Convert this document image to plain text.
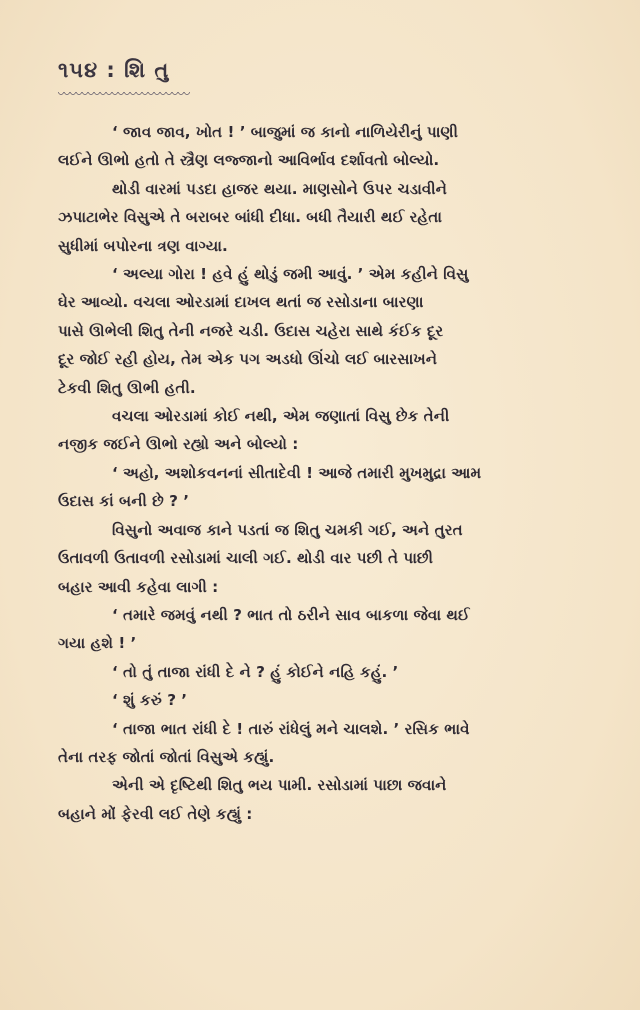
૧૫૪ : શિ તુ
‘ જાવ જાવ, ખોત ! ’ બાજુમાં જ કાનો નાળિયેરીનું પાણી
લઈને ઊભો હતો તે સ્ત્રૈણ લજ્જાનો આવિર્ભાવ દર્શાવતો બોલ્યો.
થોડી વારમાં પડદા હાજર થયા. માણસોને ઉપર ચડાવીને
ઝપાટાભેર વિસુએ તે બરાબર બાંધી દીધા. બધી તૈયારી થઈ રહેતા
સુધીમાં બપોરના ત્રણ વાગ્યા.
‘ અલ્યા ગોરા ! હવે હું થોડું જમી આવું. ’ એમ કહીને વિસુ
ઘેર આવ્યો. વચલા ઓરડામાં દાખલ થતાં જ રસોડાના બારણા
પાસે ઊભેલી શિતુ તેની નજરે ચડી. ઉદાસ ચહેરા સાથે કંઈક દૂર
દૂર જોઈ રહી હોય, તેમ એક પગ અડધો ઊંચો લઈ બારસાખને
ટેકવી શિતુ ઊભી હતી.
વચલા ઓરડામાં કોઈ નથી, એમ જણાતાં વિસુ છેક તેની
નજીક જઈને ઊભો રહ્યો અને બોલ્યો :
‘ અહો, અશોકવનનાં સીતાદેવી ! આજે તમારી મુખમુદ્રા આમ
ઉદાસ કાં બની છે ? ’
વિસુનો અવાજ કાને પડતાં જ શિતુ ચમકી ગઈ, અને તુરત
ઉતાવળી ઉતાવળી રસોડામાં ચાલી ગઈ. થોડી વાર પછી તે પાછી
બહાર આવી કહેવા લાગી :
‘ તમારે જમવું નથી ? ભાત તો ઠરીને સાવ બાકળા જેવા થઈ
ગયા હશે ! ’
‘ તો તું તાજા રાંધી દે ને ? હું કોઈને નહિ કહું. ’
‘ શું કરું ? ’
‘ તાજા ભાત રાંધી દે ! તારું રાંધેલું મને ચાલશે. ’ રસિક ભાવે
તેના તરફ જોતાં જોતાં વિસુએ કહ્યું.
એની એ દૃષ્ટિથી શિતુ ભય પામી. રસોડામાં પાછા જવાને
બહાને મોં ફેરવી લઈ તેણે કહ્યું :
